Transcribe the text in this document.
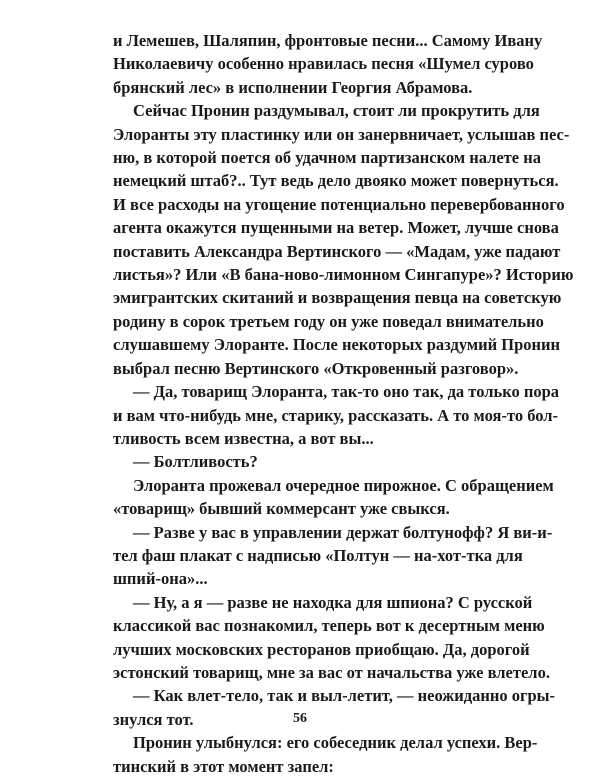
и Лемешев, Шаляпин, фронтовые песни... Самому Ивану
Николаевичу особенно нравилась песня «Шумел сурово
брянский лес» в исполнении Георгия Абрамова.
Сейчас Пронин раздумывал, стоит ли прокрутить для
Элоранты эту пластинку или он занервничает, услышав пес-
ню, в которой поется об удачном партизанском налете на
немецкий штаб?.. Тут ведь дело двояко может повернуться.
И все расходы на угощение потенциально перевербованного
агента окажутся пущенными на ветер. Может, лучше снова
поставить Александра Вертинского — «Мадам, уже падают
листья»? Или «В бана-ново-лимонном Сингапуре»? Историю
эмигрантских скитаний и возвращения певца на советскую
родину в сорок третьем году он уже поведал внимательно
слушавшему Элоранте. После некоторых раздумий Пронин
выбрал песню Вертинского «Откровенный разговор».
— Да, товарищ Элоранта, так-то оно так, да только пора
и вам что-нибудь мне, старику, рассказать. А то моя-то бол-
тливость всем известна, а вот вы...
— Болтливость?
Элоранта прожевал очередное пирожное. С обращением
«товарищ» бывший коммерсант уже свыкся.
— Разве у вас в управлении держат болтунофф? Я ви-и-
тел фаш плакат с надписью «Полтун — на-хот-тка для
шпий-она»...
— Ну, а я — разве не находка для шпиона? С русской
классикой вас познакомил, теперь вот к десертным меню
лучших московских ресторанов приобщаю. Да, дорогой
эстонский товарищ, мне за вас от начальства уже влетело.
— Как влет-тело, так и выл-летит, — неожиданно огры-
знулся тот.
Пронин улыбнулся: его собеседник делал успехи. Вер-
тинский в этот момент запел:
56
